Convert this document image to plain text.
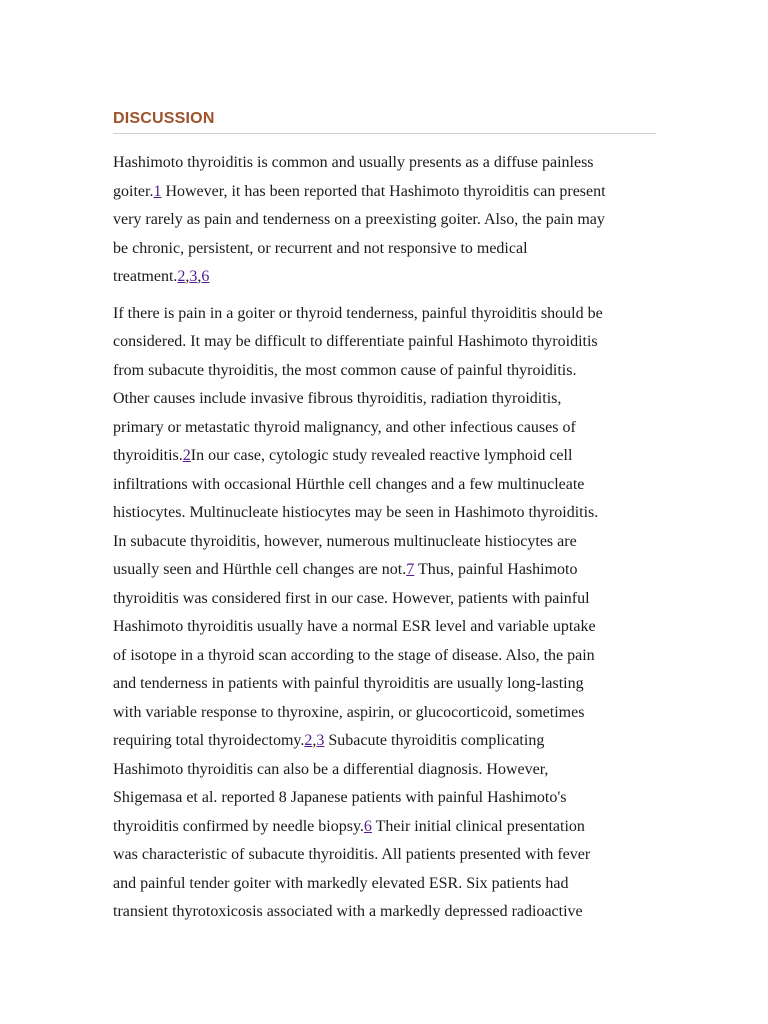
DISCUSSION

Hashimoto thyroiditis is common and usually presents as a diffuse painless
goiter.1 However, it has been reported that Hashimoto thyroiditis can present
very rarely as pain and tenderness on a preexisting goiter. Also, the pain may
be chronic, persistent, or recurrent and not responsive to medical
treatment.2,3,6

If there is pain in a goiter or thyroid tenderness, painful thyroiditis should be
considered. It may be difficult to differentiate painful Hashimoto thyroiditis
from subacute thyroiditis, the most common cause of painful thyroiditis.
Other causes include invasive fibrous thyroiditis, radiation thyroiditis,
primary or metastatic thyroid malignancy, and other infectious causes of
thyroiditis.2In our case, cytologic study revealed reactive lymphoid cell
infiltrations with occasional Hürthle cell changes and a few multinucleate
histiocytes. Multinucleate histiocytes may be seen in Hashimoto thyroiditis.
In subacute thyroiditis, however, numerous multinucleate histiocytes are
usually seen and Hürthle cell changes are not.7 Thus, painful Hashimoto
thyroiditis was considered first in our case. However, patients with painful
Hashimoto thyroiditis usually have a normal ESR level and variable uptake
of isotope in a thyroid scan according to the stage of disease. Also, the pain
and tenderness in patients with painful thyroiditis are usually long-lasting
with variable response to thyroxine, aspirin, or glucocorticoid, sometimes
requiring total thyroidectomy.2,3 Subacute thyroiditis complicating
Hashimoto thyroiditis can also be a differential diagnosis. However,
Shigemasa et al. reported 8 Japanese patients with painful Hashimoto's
thyroiditis confirmed by needle biopsy.6 Their initial clinical presentation
was characteristic of subacute thyroiditis. All patients presented with fever
and painful tender goiter with markedly elevated ESR. Six patients had
transient thyrotoxicosis associated with a markedly depressed radioactive
